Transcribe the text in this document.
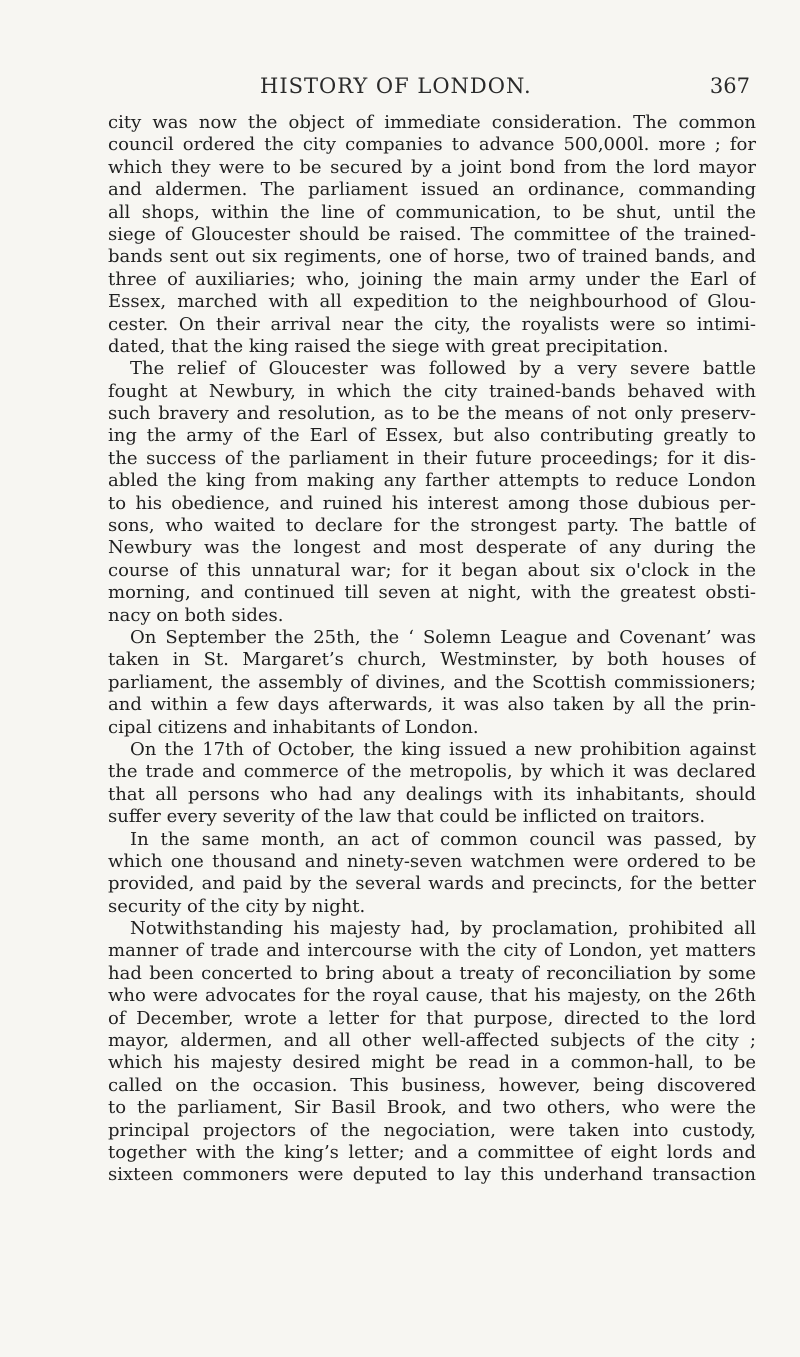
HISTORY OF LONDON.	367
city was now the object of immediate consideration. The common
council ordered the city companies to advance 500,000l. more ; for
which they were to be secured by a joint bond from the lord mayor
and aldermen. The parliament issued an ordinance, commanding
all shops, within the line of communication, to be shut, until the
siege of Gloucester should be raised. The committee of the trained-
bands sent out six regiments, one of horse, two of trained bands, and
three of auxiliaries; who, joining the main army under the Earl of
Essex, marched with all expedition to the neighbourhood of Glou-
cester. On their arrival near the city, the royalists were so intimi-
dated, that the king raised the siege with great precipitation.
The relief of Gloucester was followed by a very severe battle
fought at Newbury, in which the city trained-bands behaved with
such bravery and resolution, as to be the means of not only preserv-
ing the army of the Earl of Essex, but also contributing greatly to
the success of the parliament in their future proceedings; for it dis-
abled the king from making any farther attempts to reduce London
to his obedience, and ruined his interest among those dubious per-
sons, who waited to declare for the strongest party. The battle of
Newbury was the longest and most desperate of any during the
course of this unnatural war; for it began about six o'clock in the
morning, and continued till seven at night, with the greatest obsti-
nacy on both sides.
On September the 25th, the ‘ Solemn League and Covenant’ was
taken in St. Margaret’s church, Westminster, by both houses of
parliament, the assembly of divines, and the Scottish commissioners;
and within a few days afterwards, it was also taken by all the prin-
cipal citizens and inhabitants of London.
On the 17th of October, the king issued a new prohibition against
the trade and commerce of the metropolis, by which it was declared
that all persons who had any dealings with its inhabitants, should
suffer every severity of the law that could be inflicted on traitors.
In the same month, an act of common council was passed, by
which one thousand and ninety-seven watchmen were ordered to be
provided, and paid by the several wards and precincts, for the better
security of the city by night.
Notwithstanding his majesty had, by proclamation, prohibited all
manner of trade and intercourse with the city of London, yet matters
had been concerted to bring about a treaty of reconciliation by some
who were advocates for the royal cause, that his majesty, on the 26th
of December, wrote a letter for that purpose, directed to the lord
mayor, aldermen, and all other well-affected subjects of the city ;
which his majesty desired might be read in a common-hall, to be
called on the occasion. This business, however, being discovered
to the parliament, Sir Basil Brook, and two others, who were the
principal projectors of the negociation, were taken into custody,
together with the king’s letter; and a committee of eight lords and
sixteen commoners were deputed to lay this underhand transaction
